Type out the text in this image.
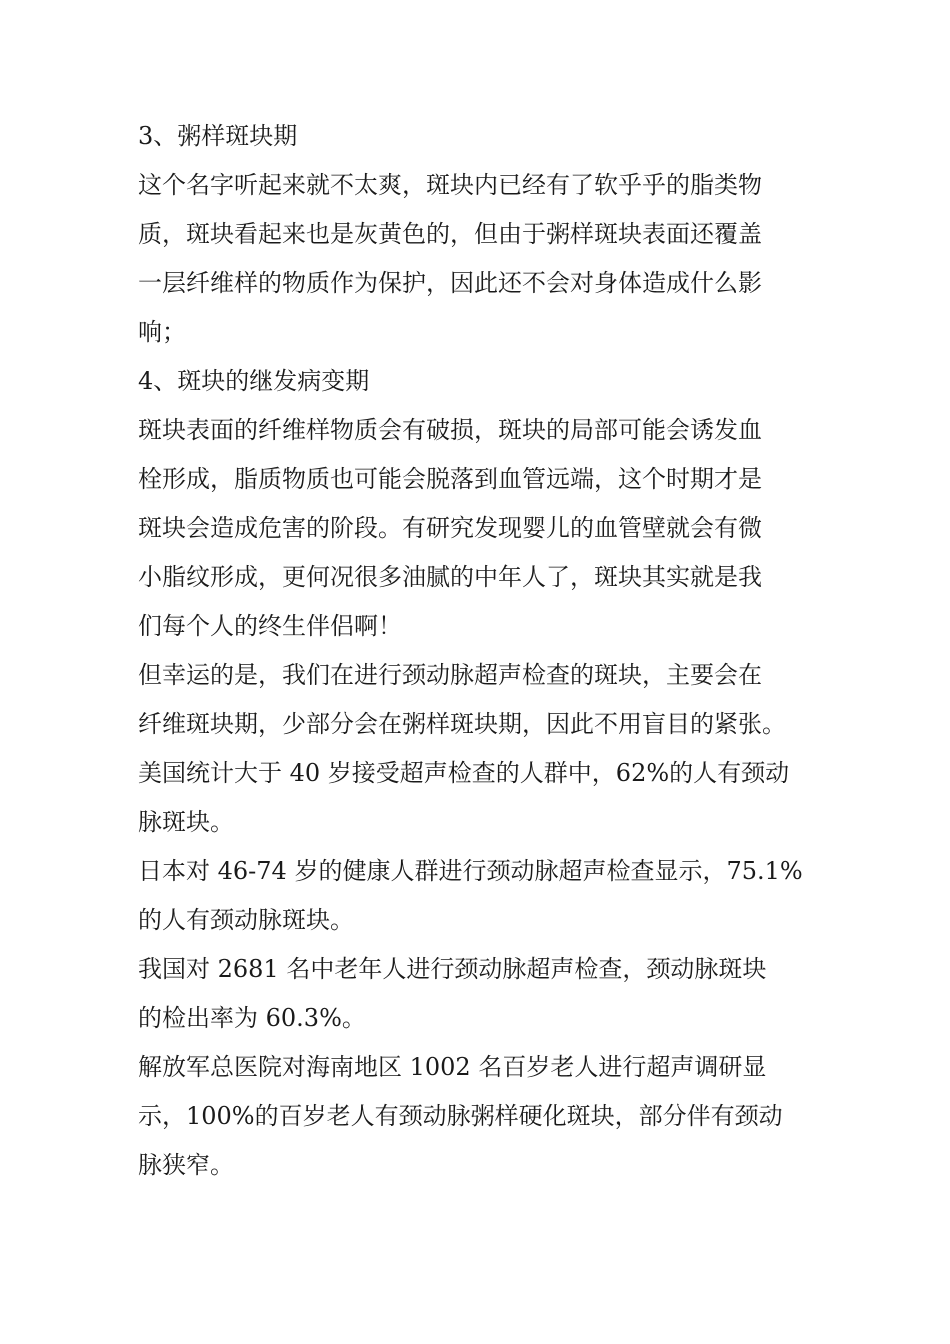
3、粥样斑块期
这个名字听起来就不太爽，斑块内已经有了软乎乎的脂类物
质，斑块看起来也是灰黄色的，但由于粥样斑块表面还覆盖
一层纤维样的物质作为保护，因此还不会对身体造成什么影
响；
4、斑块的继发病变期
斑块表面的纤维样物质会有破损，斑块的局部可能会诱发血
栓形成，脂质物质也可能会脱落到血管远端，这个时期才是
斑块会造成危害的阶段。有研究发现婴儿的血管壁就会有微
小脂纹形成，更何况很多油腻的中年人了，斑块其实就是我
们每个人的终生伴侣啊！
但幸运的是，我们在进行颈动脉超声检查的斑块，主要会在
纤维斑块期，少部分会在粥样斑块期，因此不用盲目的紧张。
美国统计大于 40 岁接受超声检查的人群中，62%的人有颈动
脉斑块。
日本对 46-74 岁的健康人群进行颈动脉超声检查显示，75.1%
的人有颈动脉斑块。
我国对 2681 名中老年人进行颈动脉超声检查，颈动脉斑块
的检出率为 60.3%。
解放军总医院对海南地区 1002 名百岁老人进行超声调研显
示，100%的百岁老人有颈动脉粥样硬化斑块，部分伴有颈动
脉狭窄。
